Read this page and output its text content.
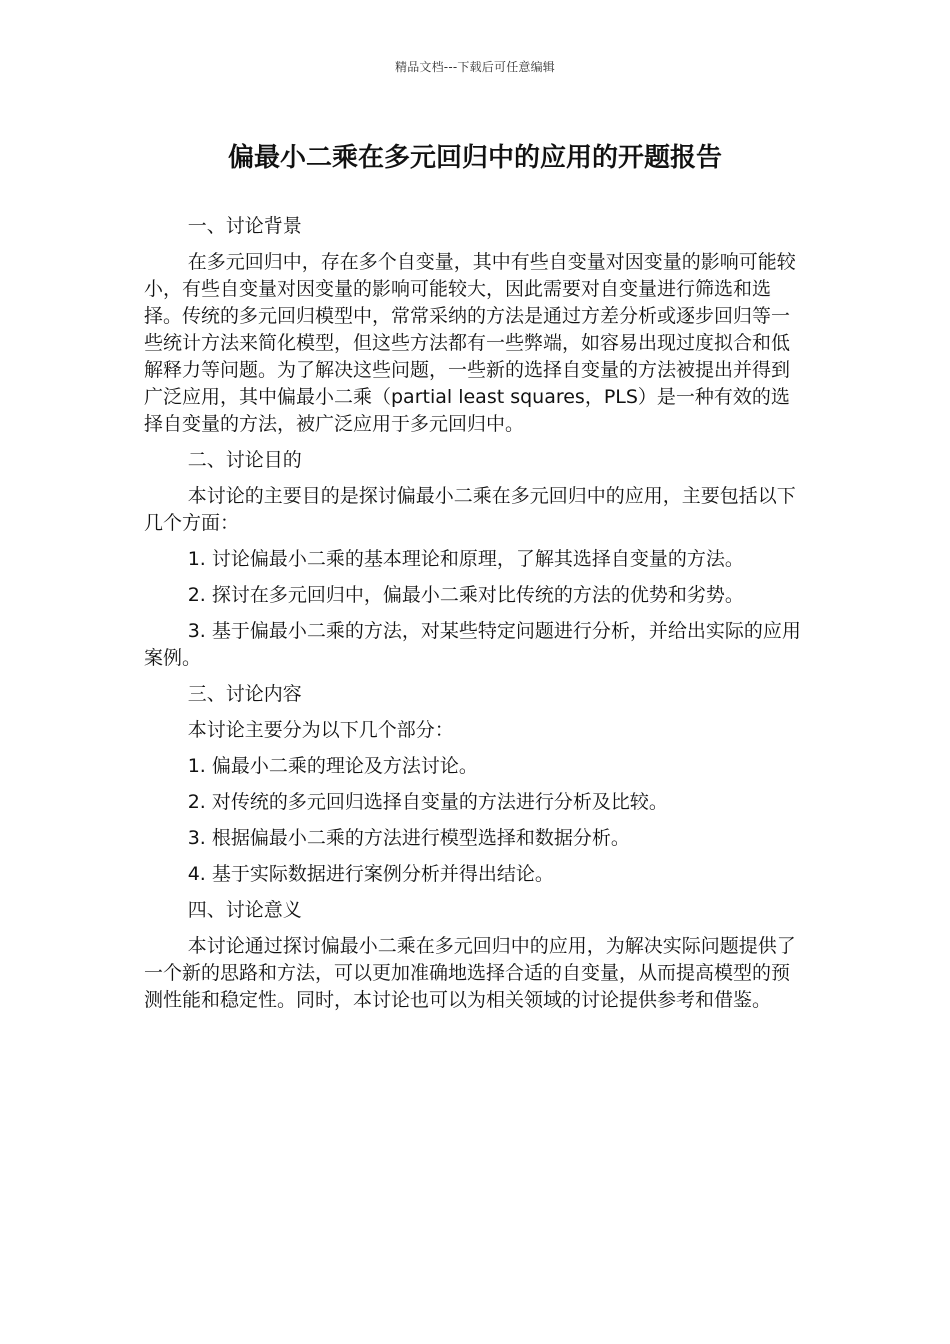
精品文档---下载后可任意编辑
偏最小二乘在多元回归中的应用的开题报告

一、讨论背景

在多元回归中，存在多个自变量，其中有些自变量对因变量的影响可能较小，有些自变量对因变量的影响可能较大，因此需要对自变量进行筛选和选择。传统的多元回归模型中，常常采纳的方法是通过方差分析或逐步回归等一些统计方法来简化模型，但这些方法都有一些弊端，如容易出现过度拟合和低解释力等问题。为了解决这些问题，一些新的选择自变量的方法被提出并得到广泛应用，其中偏最小二乘（partial least squares，PLS）是一种有效的选择自变量的方法，被广泛应用于多元回归中。

二、讨论目的

本讨论的主要目的是探讨偏最小二乘在多元回归中的应用，主要包括以下几个方面：

1. 讨论偏最小二乘的基本理论和原理，了解其选择自变量的方法。

2. 探讨在多元回归中，偏最小二乘对比传统的方法的优势和劣势。

3. 基于偏最小二乘的方法，对某些特定问题进行分析，并给出实际的应用案例。

三、讨论内容

本讨论主要分为以下几个部分：

1. 偏最小二乘的理论及方法讨论。

2. 对传统的多元回归选择自变量的方法进行分析及比较。

3. 根据偏最小二乘的方法进行模型选择和数据分析。

4. 基于实际数据进行案例分析并得出结论。

四、讨论意义

本讨论通过探讨偏最小二乘在多元回归中的应用，为解决实际问题提供了一个新的思路和方法，可以更加准确地选择合适的自变量，从而提高模型的预测性能和稳定性。同时，本讨论也可以为相关领域的讨论提供参考和借鉴。
